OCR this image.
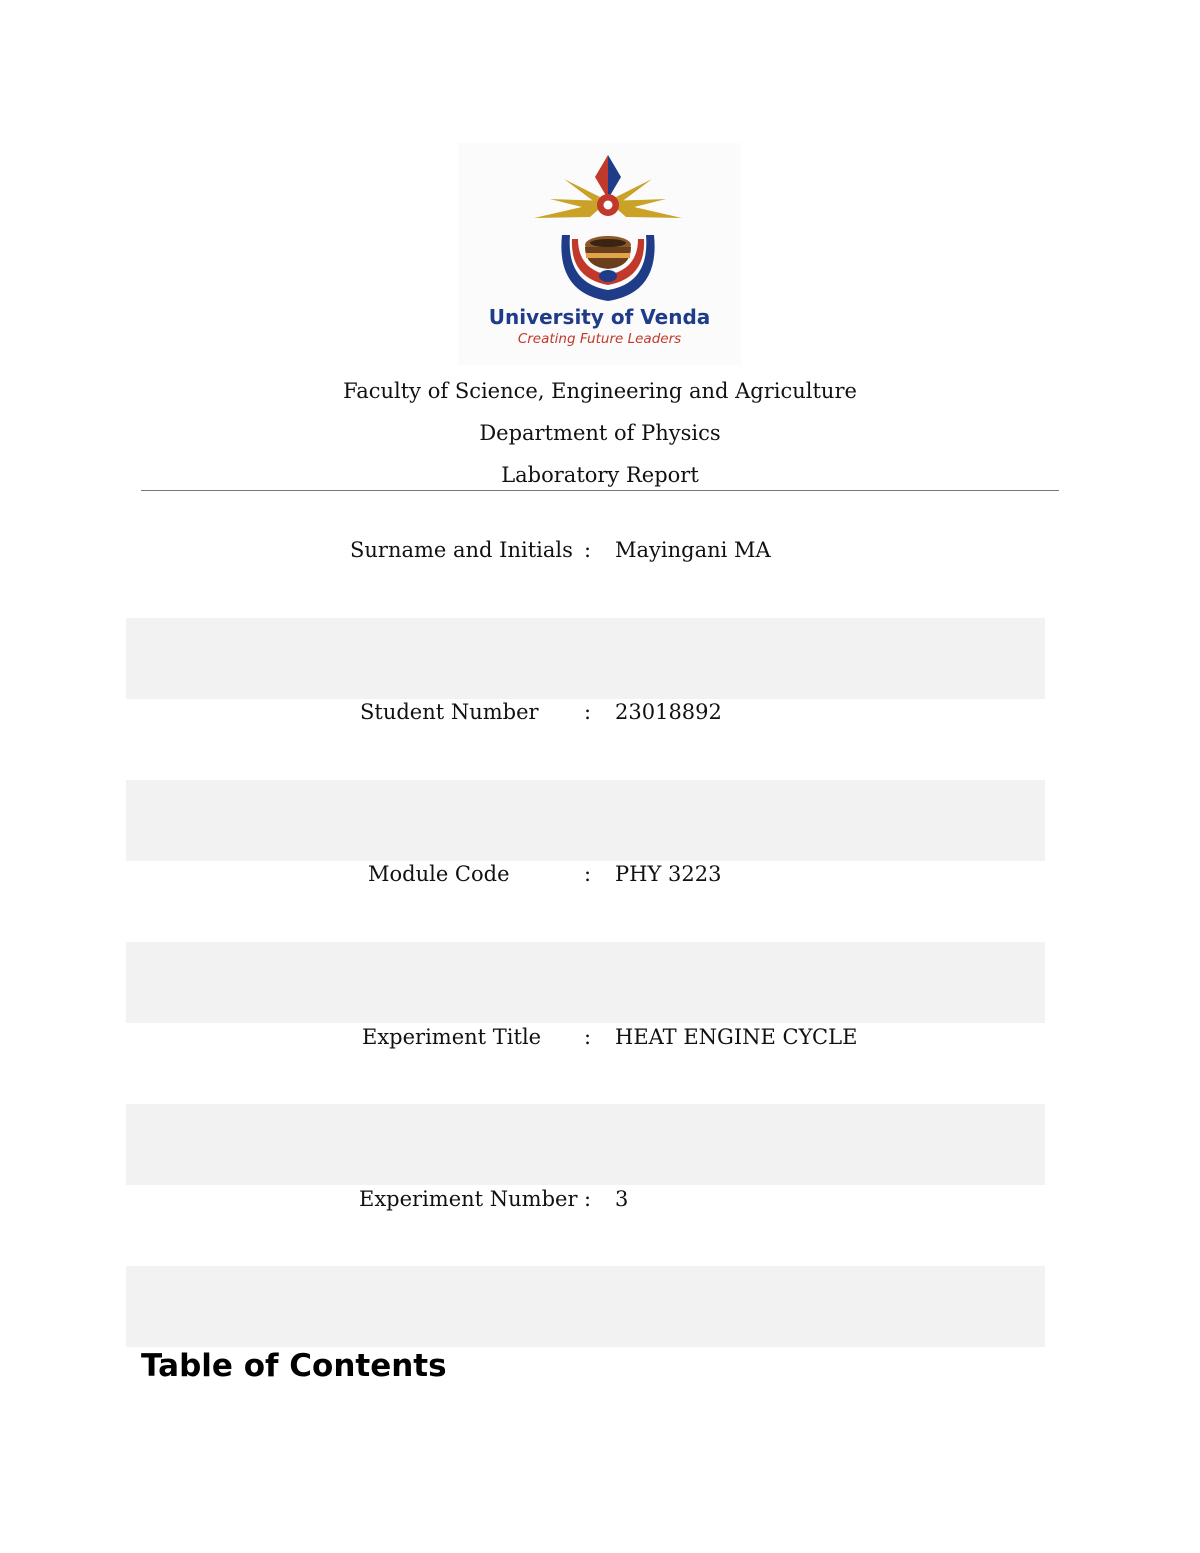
University of Venda
Creating Future Leaders
Faculty of Science, Engineering and Agriculture
Department of Physics
Laboratory Report
Surname and Initials : Mayingani MA
Student Number : 23018892
Module Code	: PHY 3223
Experiment Title : HEAT ENGINE CYCLE
Experiment Number : 3
Table of Contents
